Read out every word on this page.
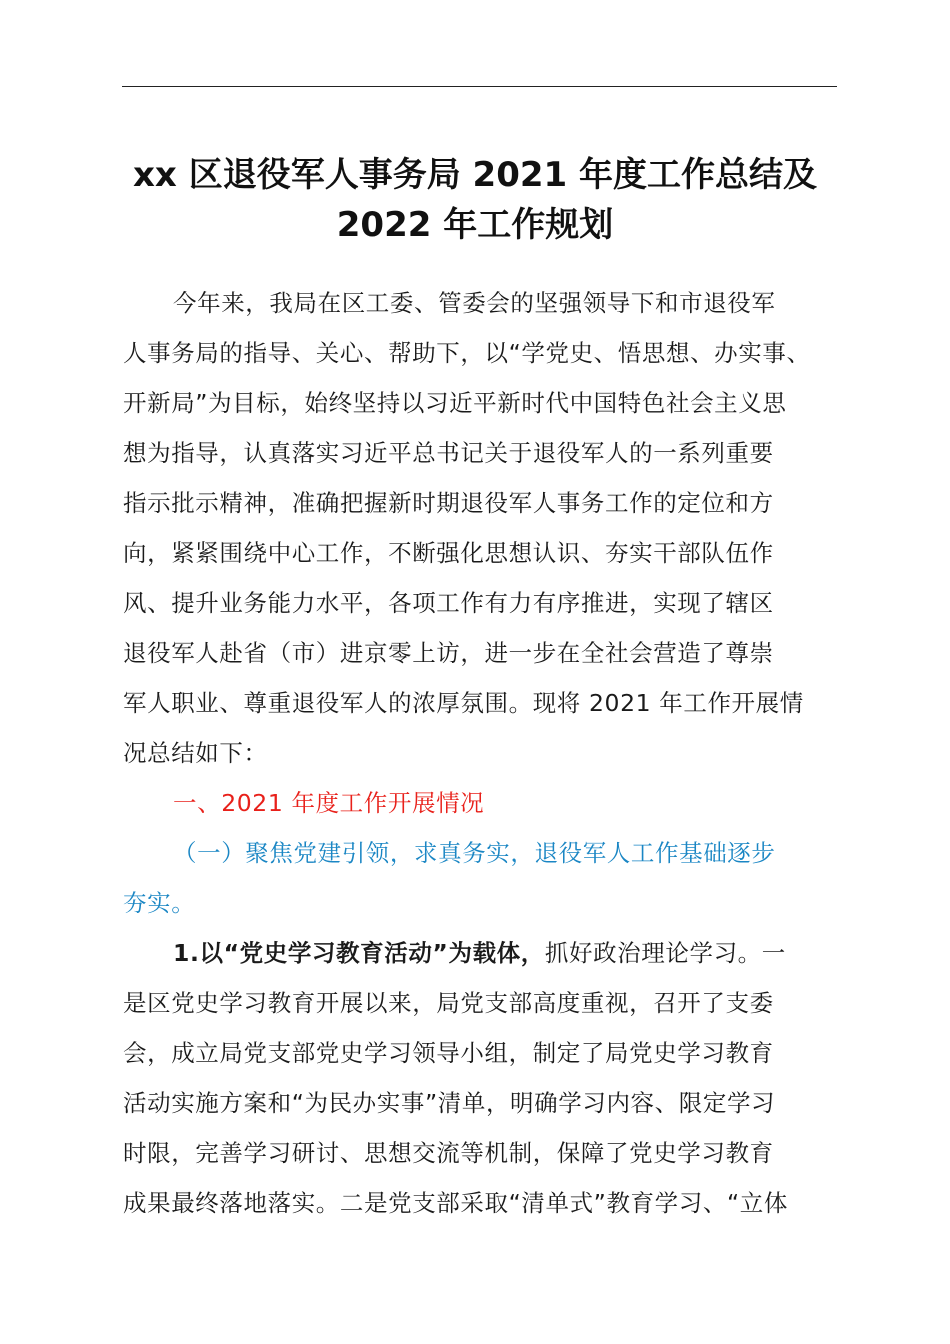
xx 区退役军人事务局 2021 年度工作总结及
2022 年工作规划
今年来，我局在区工委、管委会的坚强领导下和市退役军
人事务局的指导、关心、帮助下，以“学党史、悟思想、办实事、
开新局”为目标，始终坚持以习近平新时代中国特色社会主义思
想为指导，认真落实习近平总书记关于退役军人的一系列重要
指示批示精神，准确把握新时期退役军人事务工作的定位和方
向，紧紧围绕中心工作，不断强化思想认识、夯实干部队伍作
风、提升业务能力水平，各项工作有力有序推进，实现了辖区
退役军人赴省（市）进京零上访，进一步在全社会营造了尊崇
军人职业、尊重退役军人的浓厚氛围。现将 2021 年工作开展情
况总结如下：
一、2021 年度工作开展情况
（一）聚焦党建引领，求真务实，退役军人工作基础逐步
夯实。
1.以“党史学习教育活动”为载体，抓好政治理论学习。一
是区党史学习教育开展以来，局党支部高度重视，召开了支委
会，成立局党支部党史学习领导小组，制定了局党史学习教育
活动实施方案和“为民办实事”清单，明确学习内容、限定学习
时限，完善学习研讨、思想交流等机制，保障了党史学习教育
成果最终落地落实。二是党支部采取“清单式”教育学习、“立体
